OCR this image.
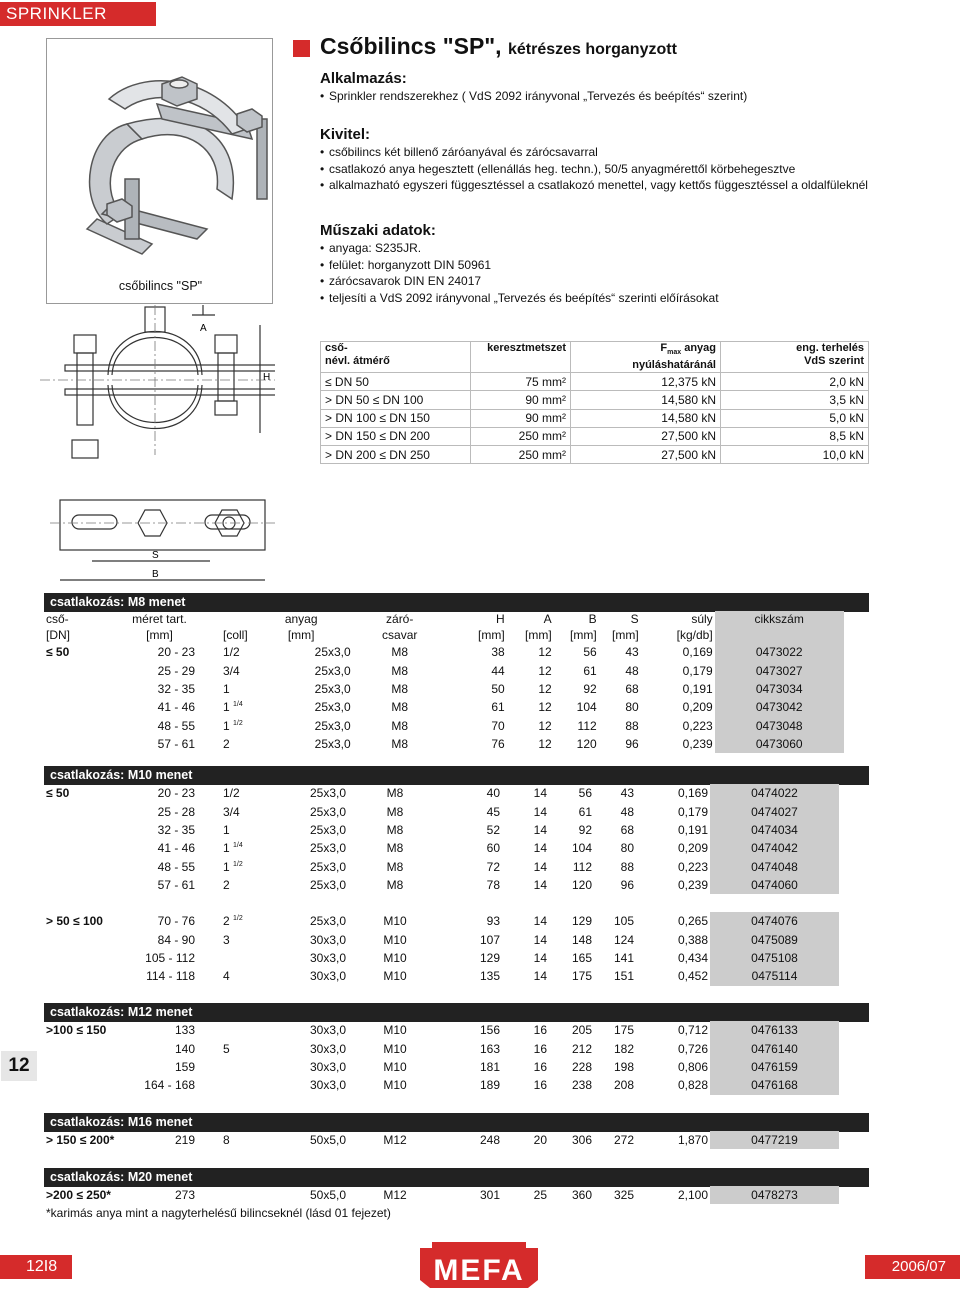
SPRINKLER
csőbilincs "SP"
Csőbilincs "SP", kétrészes horganyzott
Alkalmazás:
• Sprinkler rendszerekhez ( VdS 2092 irányvonal „Tervezés és beépítés“ szerint)
Kivitel:
• csőbilincs két billenő záróanyával és zárócsavarral
• csatlakozó anya hegesztett (ellenállás heg. techn.), 50/5 anyagmérettől körbehegesztve
• alkalmazható egyszeri függesztéssel a csatlakozó menettel, vagy kettős függesztéssel a oldalfüleknél
Műszaki adatok:
• anyaga: S235JR.
• felület: horganyzott DIN 50961
• zárócsavarok DIN EN 24017
• teljesíti a VdS 2092 irányvonal „Tervezés és beépítés“ szerinti előírásokat
A
H
S
B
cső-
névl. átmérő	keresztmetszet	$F_{max}$ anyag
nyúláshatáránál	eng. terhelés
VdS szerint
≤ DN 50	75 mm²	12,375 kN	2,0 kN
> DN 50 ≤ DN 100	90 mm²	14,580 kN	3,5 kN
> DN 100 ≤ DN 150	90 mm²	14,580 kN	5,0 kN
> DN 150 ≤ DN 200	250 mm²	27,500 kN	8,5 kN
> DN 200 ≤ DN 250	250 mm²	27,500 kN	10,0 kN
csatlakozás: M8 menet
cső-	méret tart.		anyag	záró-	H	A	B	S	súly	cikkszám
[DN]	[mm]	[coll]	[mm]	csavar	[mm]	[mm]	[mm]	[mm]	[kg/db]	
≤ 50	20 - 23	1/2	25x3,0	M8	38	12	56	43	0,169	0473022
	25 - 29	3/4	25x3,0	M8	44	12	61	48	0,179	0473027
	32 - 35	1	25x3,0	M8	50	12	92	68	0,191	0473034
	41 - 46	1 $^{1/4}$	25x3,0	M8	61	12	104	80	0,209	0473042
	48 - 55	1 $^{1/2}$	25x3,0	M8	70	12	112	88	0,223	0473048
	57 - 61	2	25x3,0	M8	76	12	120	96	0,239	0473060
csatlakozás: M10 menet
≤ 50	20 - 23	1/2	25x3,0	M8	40	14	56	43	0,169	0474022
	25 - 28	3/4	25x3,0	M8	45	14	61	48	0,179	0474027
	32 - 35	1	25x3,0	M8	52	14	92	68	0,191	0474034
	41 - 46	1 $^{1/4}$	25x3,0	M8	60	14	104	80	0,209	0474042
	48 - 55	1 $^{1/2}$	25x3,0	M8	72	14	112	88	0,223	0474048
	57 - 61	2	25x3,0	M8	78	14	120	96	0,239	0474060
> 50 ≤ 100	70 - 76	2 $^{1/2}$	25x3,0	M10	93	14	129	105	0,265	0474076
	84 - 90	3	30x3,0	M10	107	14	148	124	0,388	0475089
	105 - 112		30x3,0	M10	129	14	165	141	0,434	0475108
	114 - 118	4	30x3,0	M10	135	14	175	151	0,452	0475114
csatlakozás: M12 menet
>100 ≤ 150	133		30x3,0	M10	156	16	205	175	0,712	0476133
	140	5	30x3,0	M10	163	16	212	182	0,726	0476140
	159		30x3,0	M10	181	16	228	198	0,806	0476159
	164 - 168		30x3,0	M10	189	16	238	208	0,828	0476168
csatlakozás: M16 menet
> 150 ≤ 200*	219	8	50x5,0	M12	248	20	306	272	1,870	0477219
csatlakozás: M20 menet
>200 ≤ 250*	273		50x5,0	M12	301	25	360	325	2,100	0478273
*karimás anya mint a nagyterhelésű bilincseknél (lásd 01 fejezet)
12
12I8	2006/07
MEFA
